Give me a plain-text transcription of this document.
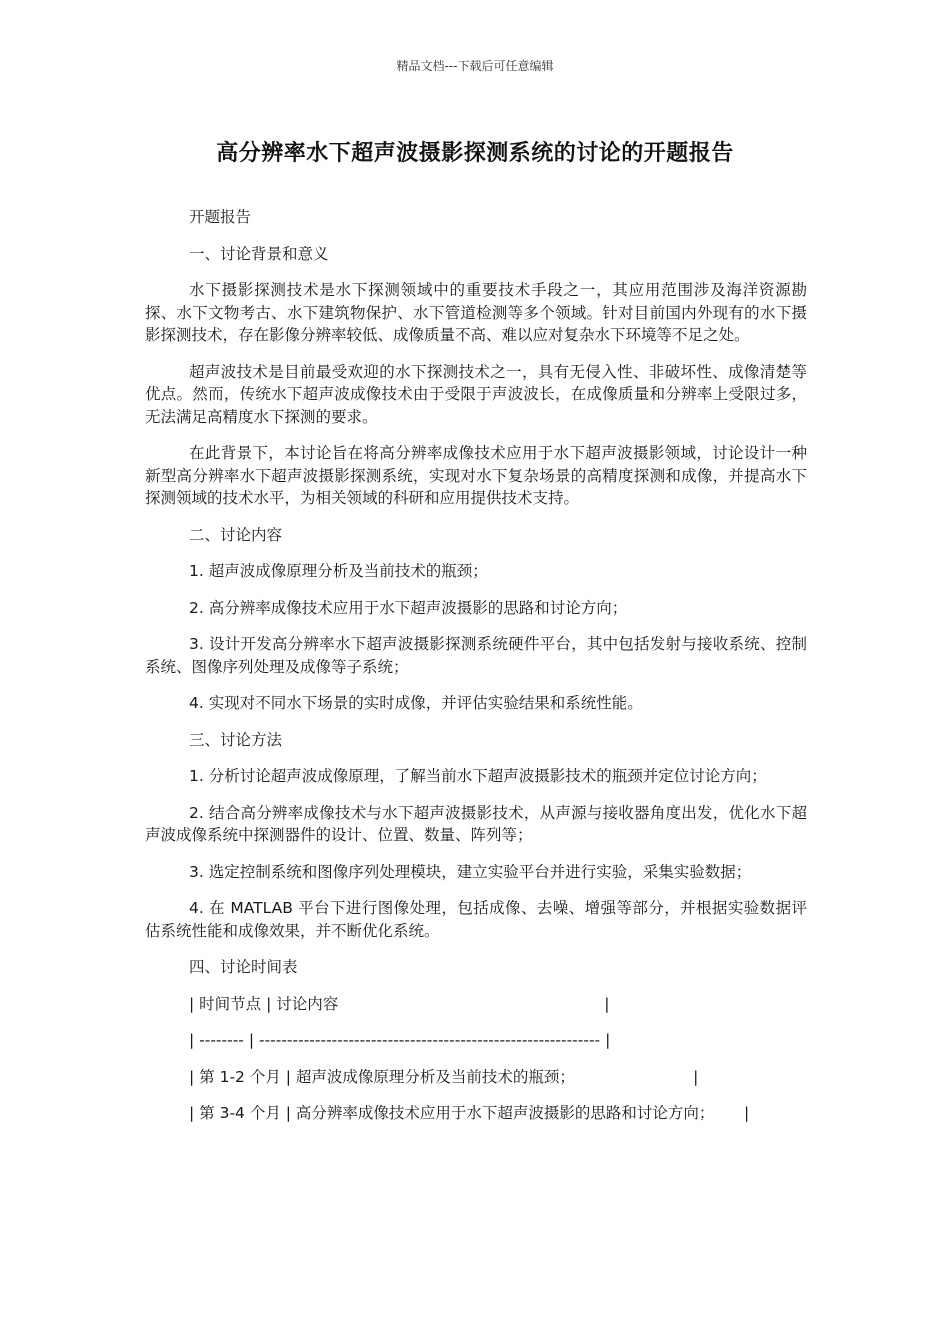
精品文档---下载后可任意编辑
高分辨率水下超声波摄影探测系统的讨论的开题报告
开题报告
一、讨论背景和意义
水下摄影探测技术是水下探测领域中的重要技术手段之一，其应用范围涉及海洋资源勘探、水下文物考古、水下建筑物保护、水下管道检测等多个领域。针对目前国内外现有的水下摄影探测技术，存在影像分辨率较低、成像质量不高、难以应对复杂水下环境等不足之处。
超声波技术是目前最受欢迎的水下探测技术之一，具有无侵入性、非破坏性、成像清楚等优点。然而，传统水下超声波成像技术由于受限于声波波长，在成像质量和分辨率上受限过多，无法满足高精度水下探测的要求。
在此背景下，本讨论旨在将高分辨率成像技术应用于水下超声波摄影领域，讨论设计一种新型高分辨率水下超声波摄影探测系统，实现对水下复杂场景的高精度探测和成像，并提高水下探测领域的技术水平，为相关领域的科研和应用提供技术支持。
二、讨论内容
1. 超声波成像原理分析及当前技术的瓶颈；
2. 高分辨率成像技术应用于水下超声波摄影的思路和讨论方向；
3. 设计开发高分辨率水下超声波摄影探测系统硬件平台，其中包括发射与接收系统、控制系统、图像序列处理及成像等子系统；
4. 实现对不同水下场景的实时成像，并评估实验结果和系统性能。
三、讨论方法
1. 分析讨论超声波成像原理，了解当前水下超声波摄影技术的瓶颈并定位讨论方向；
2. 结合高分辨率成像技术与水下超声波摄影技术，从声源与接收器角度出发，优化水下超声波成像系统中探测器件的设计、位置、数量、阵列等；
3. 选定控制系统和图像序列处理模块，建立实验平台并进行实验，采集实验数据；
4. 在 MATLAB 平台下进行图像处理，包括成像、去噪、增强等部分，并根据实验数据评估系统性能和成像效果，并不断优化系统。
四、讨论时间表
| 时间节点 | 讨论内容                                                      |
| -------- | ------------------------------------------------------------- |
| 第 1-2 个月 | 超声波成像原理分析及当前技术的瓶颈；                        |
| 第 3-4 个月 | 高分辨率成像技术应用于水下超声波摄影的思路和讨论方向；      |
